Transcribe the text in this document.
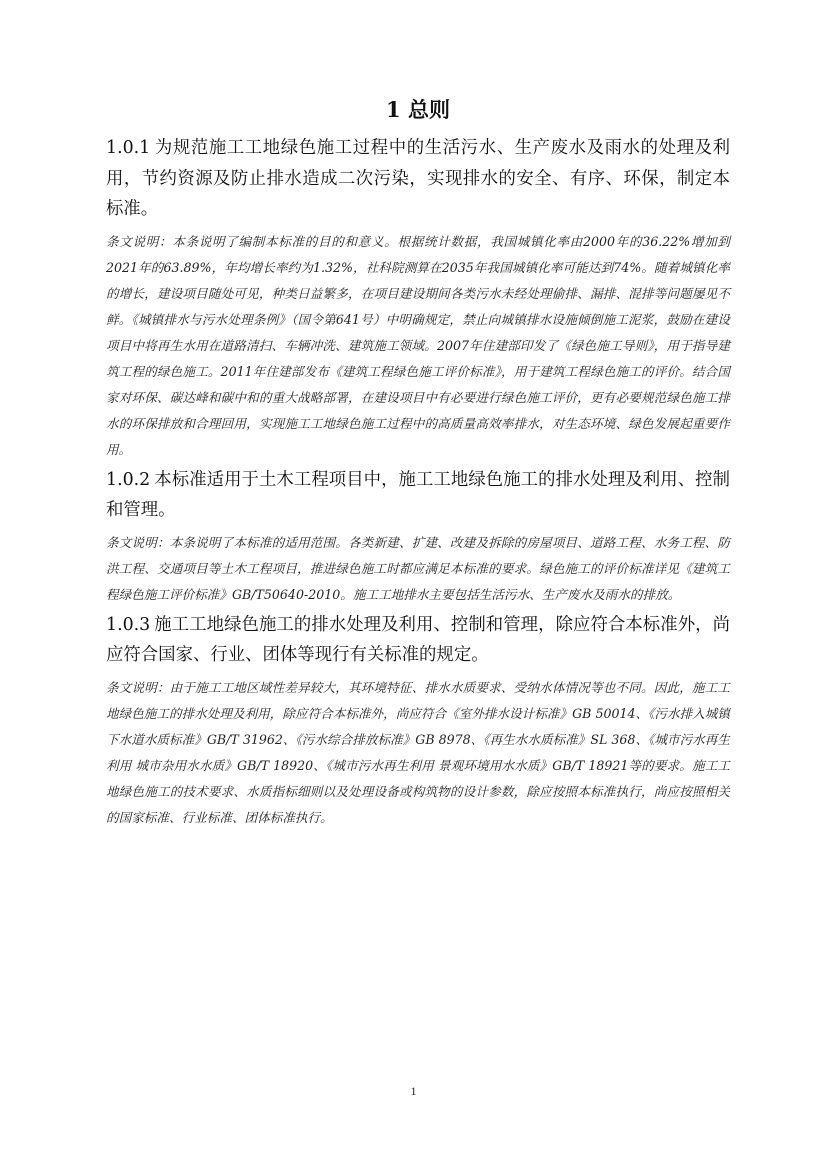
1 总则

1.0.1 为规范施工工地绿色施工过程中的生活污水、生产废水及雨水的处理及利用，节约资源及防止排水造成二次污染，实现排水的安全、有序、环保，制定本标准。

条文说明：本条说明了编制本标准的目的和意义。根据统计数据，我国城镇化率由2000年的36.22%增加到2021年的63.89%，年均增长率约为1.32%，社科院测算在2035年我国城镇化率可能达到74%。随着城镇化率的增长，建设项目随处可见，种类日益繁多，在项目建设期间各类污水未经处理偷排、漏排、混排等问题屡见不鲜。《城镇排水与污水处理条例》（国令第641号）中明确规定，禁止向城镇排水设施倾倒施工泥浆，鼓励在建设项目中将再生水用在道路清扫、车辆冲洗、建筑施工领域。2007年住建部印发了《绿色施工导则》，用于指导建筑工程的绿色施工。2011年住建部发布《建筑工程绿色施工评价标准》，用于建筑工程绿色施工的评价。结合国家对环保、碳达峰和碳中和的重大战略部署，在建设项目中有必要进行绿色施工评价，更有必要规范绿色施工排水的环保排放和合理回用，实现施工工地绿色施工过程中的高质量高效率排水，对生态环境、绿色发展起重要作用。

1.0.2 本标准适用于土木工程项目中，施工工地绿色施工的排水处理及利用、控制和管理。

条文说明：本条说明了本标准的适用范围。各类新建、扩建、改建及拆除的房屋项目、道路工程、水务工程、防洪工程、交通项目等土木工程项目，推进绿色施工时都应满足本标准的要求。绿色施工的评价标准详见《建筑工程绿色施工评价标准》GB/T50640-2010。施工工地排水主要包括生活污水、生产废水及雨水的排放。

1.0.3 施工工地绿色施工的排水处理及利用、控制和管理，除应符合本标准外，尚应符合国家、行业、团体等现行有关标准的规定。

条文说明：由于施工工地区域性差异较大，其环境特征、排水水质要求、受纳水体情况等也不同。因此，施工工地绿色施工的排水处理及利用，除应符合本标准外，尚应符合《室外排水设计标准》GB 50014、《污水排入城镇下水道水质标准》GB/T 31962、《污水综合排放标准》GB 8978、《再生水水质标准》SL 368、《城市污水再生利用 城市杂用水水质》GB/T 18920、《城市污水再生利用 景观环境用水水质》GB/T 18921等的要求。施工工地绿色施工的技术要求、水质指标细则以及处理设备或构筑物的设计参数，除应按照本标准执行，尚应按照相关的国家标准、行业标准、团体标准执行。

1
